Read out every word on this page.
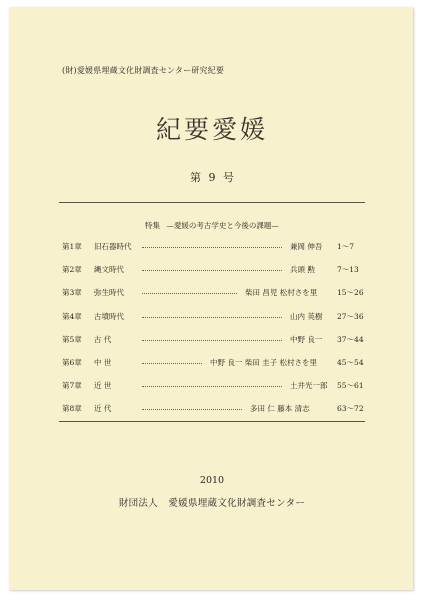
(財)愛媛県埋蔵文化財調査センター研究紀要
紀要愛媛
第 9 号
特集 —愛媛の考古学史と今後の課題—
第1章 旧石器時代	兼岡 伸吾 1～7
第2章 縄文時代	兵頭 勲	7～13
第3章 弥生時代	柴田 昌児 松村さを里	15～26
第4章 古墳時代	山内 英樹 27～36
第5章 古 代	中野 良一 37～44
第6章 中 世	中野 良一 柴田 圭子 松村さを里	45～54
第7章 近 世	土井光一郎 55～61
第8章 近 代	多田 仁 藤本 清志	63～72
2010
財団法人 愛媛県埋蔵文化財調査センター
